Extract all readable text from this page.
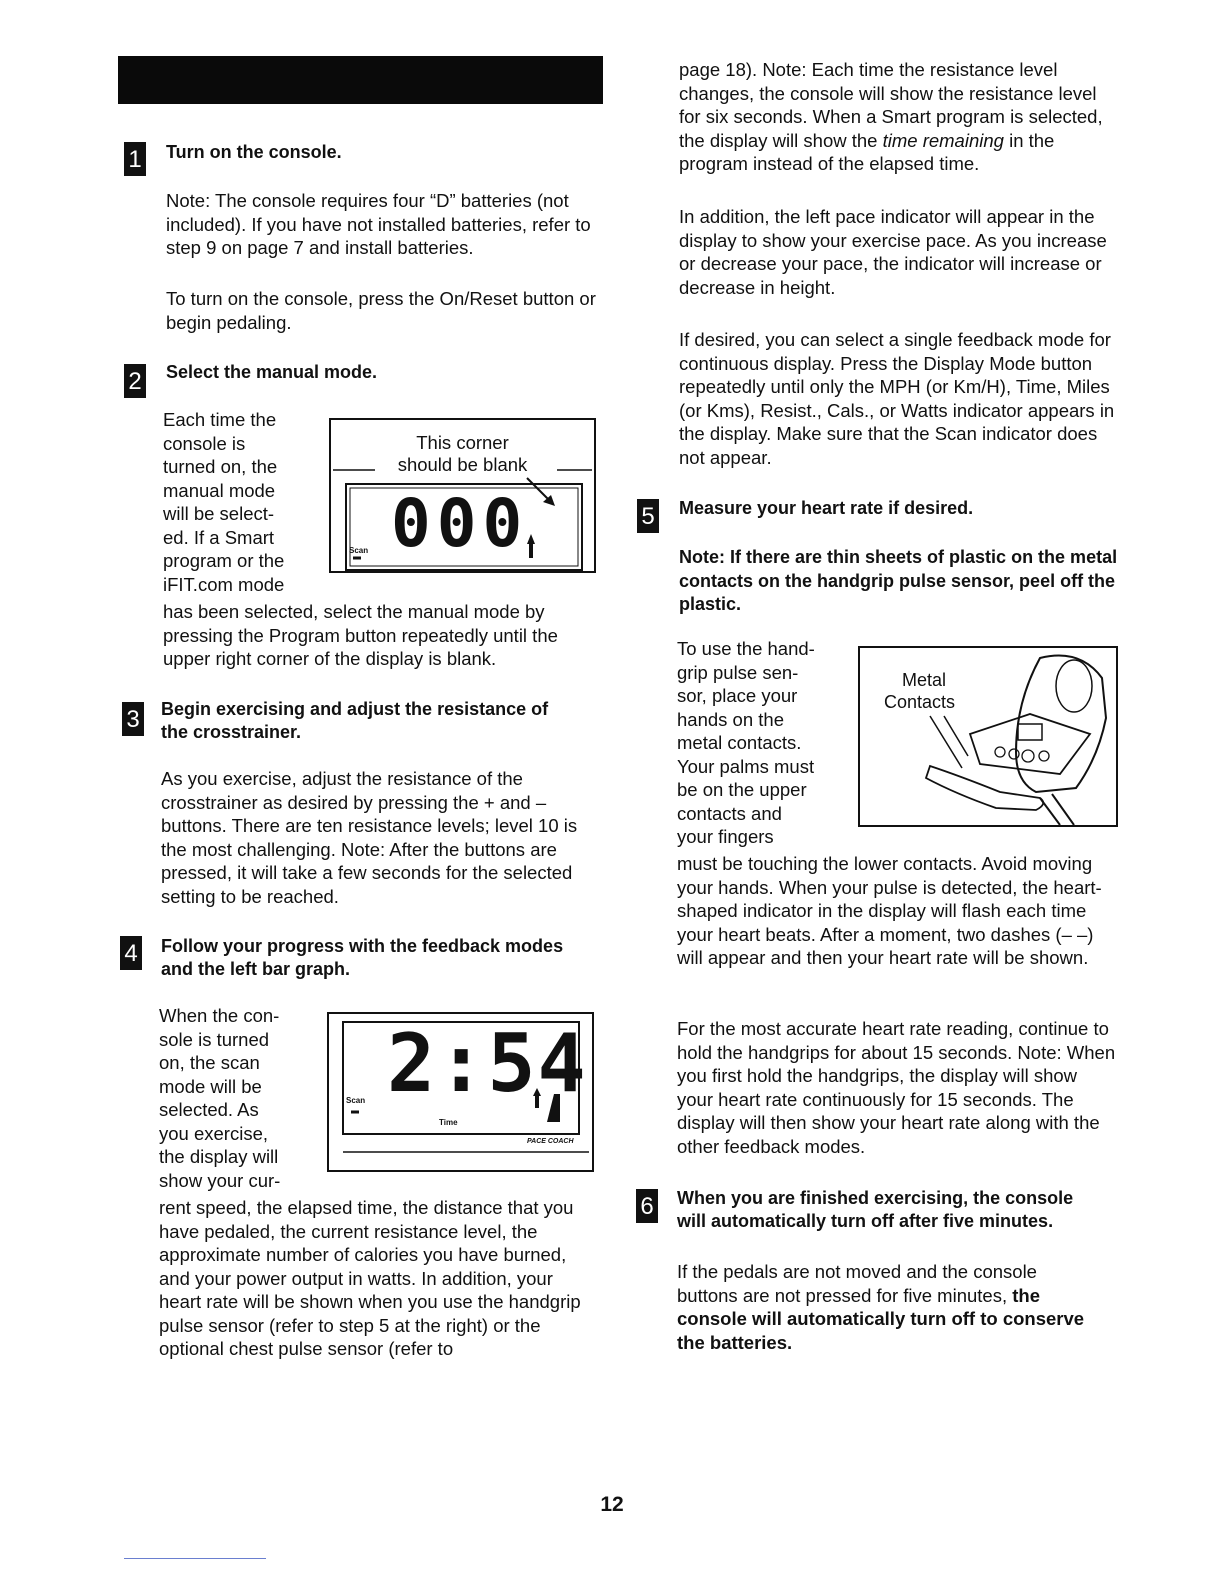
1 Turn on the console.

Note: The console requires four “D” batteries (not included). If you have not installed batteries, refer to step 9 on page 7 and install batteries.

To turn on the console, press the On/Reset button or begin pedaling.

2 Select the manual mode.
Each time the
console is
turned on, the
manual mode
will be select-
ed. If a Smart
program or the
iFIT.com mode

has been selected, select the manual mode by pressing the Program button repeatedly until the upper right corner of the display is blank.

This corner
should be blank
000
Scan
3 Begin exercising and adjust the resistance of
the crosstrainer.

As you exercise, adjust the resistance of the crosstrainer as desired by pressing the + and – buttons. There are ten resistance levels; level 10 is the most challenging. Note: After the buttons are pressed, it will take a few seconds for the selected setting to be reached.

4 Follow your progress with the feedback modes
and the left bar graph.
When the con-
sole is turned
on, the scan
mode will be
selected. As
you exercise,
the display will
show your cur-

rent speed, the elapsed time, the distance that you have pedaled, the current resistance level, the approximate number of calories you have burned, and your power output in watts. In addition, your heart rate will be shown when you use the handgrip pulse sensor (refer to step 5 at the right) or the optional chest pulse sensor (refer to

2:54
Scan
Time
PACE COACH

page 18). Note: Each time the resistance level changes, the console will show the resistance level for six seconds. When a Smart program is selected, the display will show the time remaining in the program instead of the elapsed time.

In addition, the left pace indicator will appear in the display to show your exercise pace. As you increase or decrease your pace, the indicator will increase or decrease in height.

If desired, you can select a single feedback mode for continuous display. Press the Display Mode button repeatedly until only the MPH (or Km/H), Time, Miles (or Kms), Resist., Cals., or Watts indicator appears in the display. Make sure that the Scan indicator does not appear.

5 Measure your heart rate if desired.

Note: If there are thin sheets of plastic on the metal contacts on the handgrip pulse sensor, peel off the plastic.

To use the hand-
grip pulse sen-
sor, place your
hands on the
metal contacts.
Your palms must
be on the upper
contacts and
your fingers

must be touching the lower contacts. Avoid moving your hands. When your pulse is detected, the heart-shaped indicator in the display will flash each time your heart beats. After a moment, two dashes (– –) will appear and then your heart rate will be shown.

For the most accurate heart rate reading, continue to hold the handgrips for about 15 seconds. Note: When you first hold the handgrips, the display will show your heart rate continuously for 15 seconds. The display will then show your heart rate along with the other feedback modes.

Metal
Contacts
6 When you are finished exercising, the console
will automatically turn off after five minutes.

If the pedals are not moved and the console buttons are not pressed for five minutes, the console will automatically turn off to conserve the batteries.

12
